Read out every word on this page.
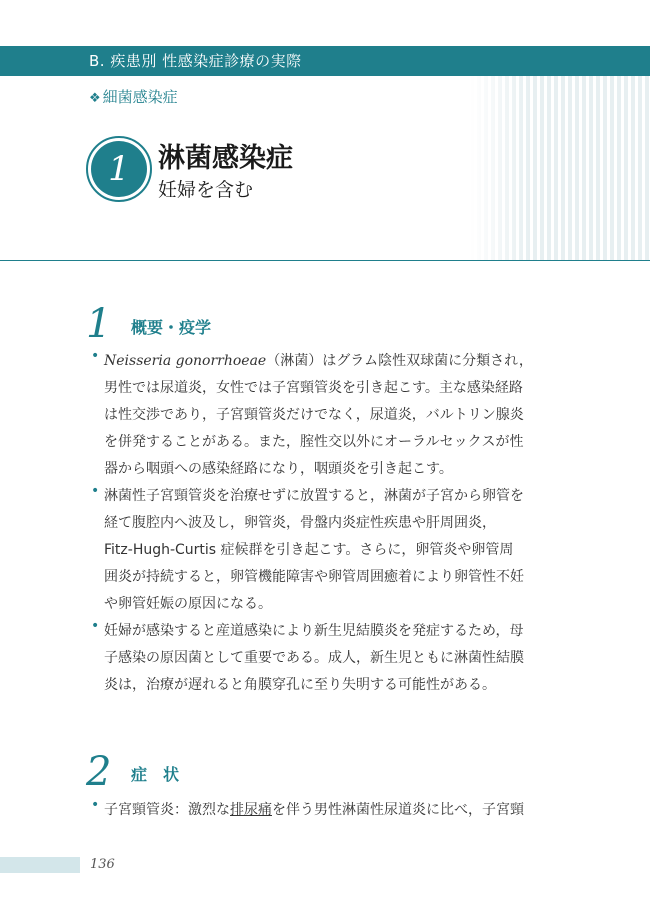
B. 疾患別 性感染症診療の実際
❖ 細菌感染症
1	淋菌感染症
妊婦を含む
1 概要・疫学
• Neisseria gonorrhoeae（淋菌）はグラム陰性双球菌に分類され，
男性では尿道炎，女性では子宮頸管炎を引き起こす。主な感染経路
は性交渉であり，子宮頸管炎だけでなく，尿道炎，バルトリン腺炎
を併発することがある。また，腟性交以外にオーラルセックスが性
器から咽頭への感染経路になり，咽頭炎を引き起こす。
• 淋菌性子宮頸管炎を治療せずに放置すると，淋菌が子宮から卵管を
経て腹腔内へ波及し，卵管炎，骨盤内炎症性疾患や肝周囲炎，
Fitz-Hugh-Curtis 症候群を引き起こす。さらに，卵管炎や卵管周
囲炎が持続すると，卵管機能障害や卵管周囲癒着により卵管性不妊
や卵管妊娠の原因になる。
• 妊婦が感染すると産道感染により新生児結膜炎を発症するため，母
子感染の原因菌として重要である。成人，新生児ともに淋菌性結膜
炎は，治療が遅れると角膜穿孔に至り失明する可能性がある。
2 症　状
• 子宮頸管炎：激烈な排尿痛を伴う男性淋菌性尿道炎に比べ，子宮頸
136
